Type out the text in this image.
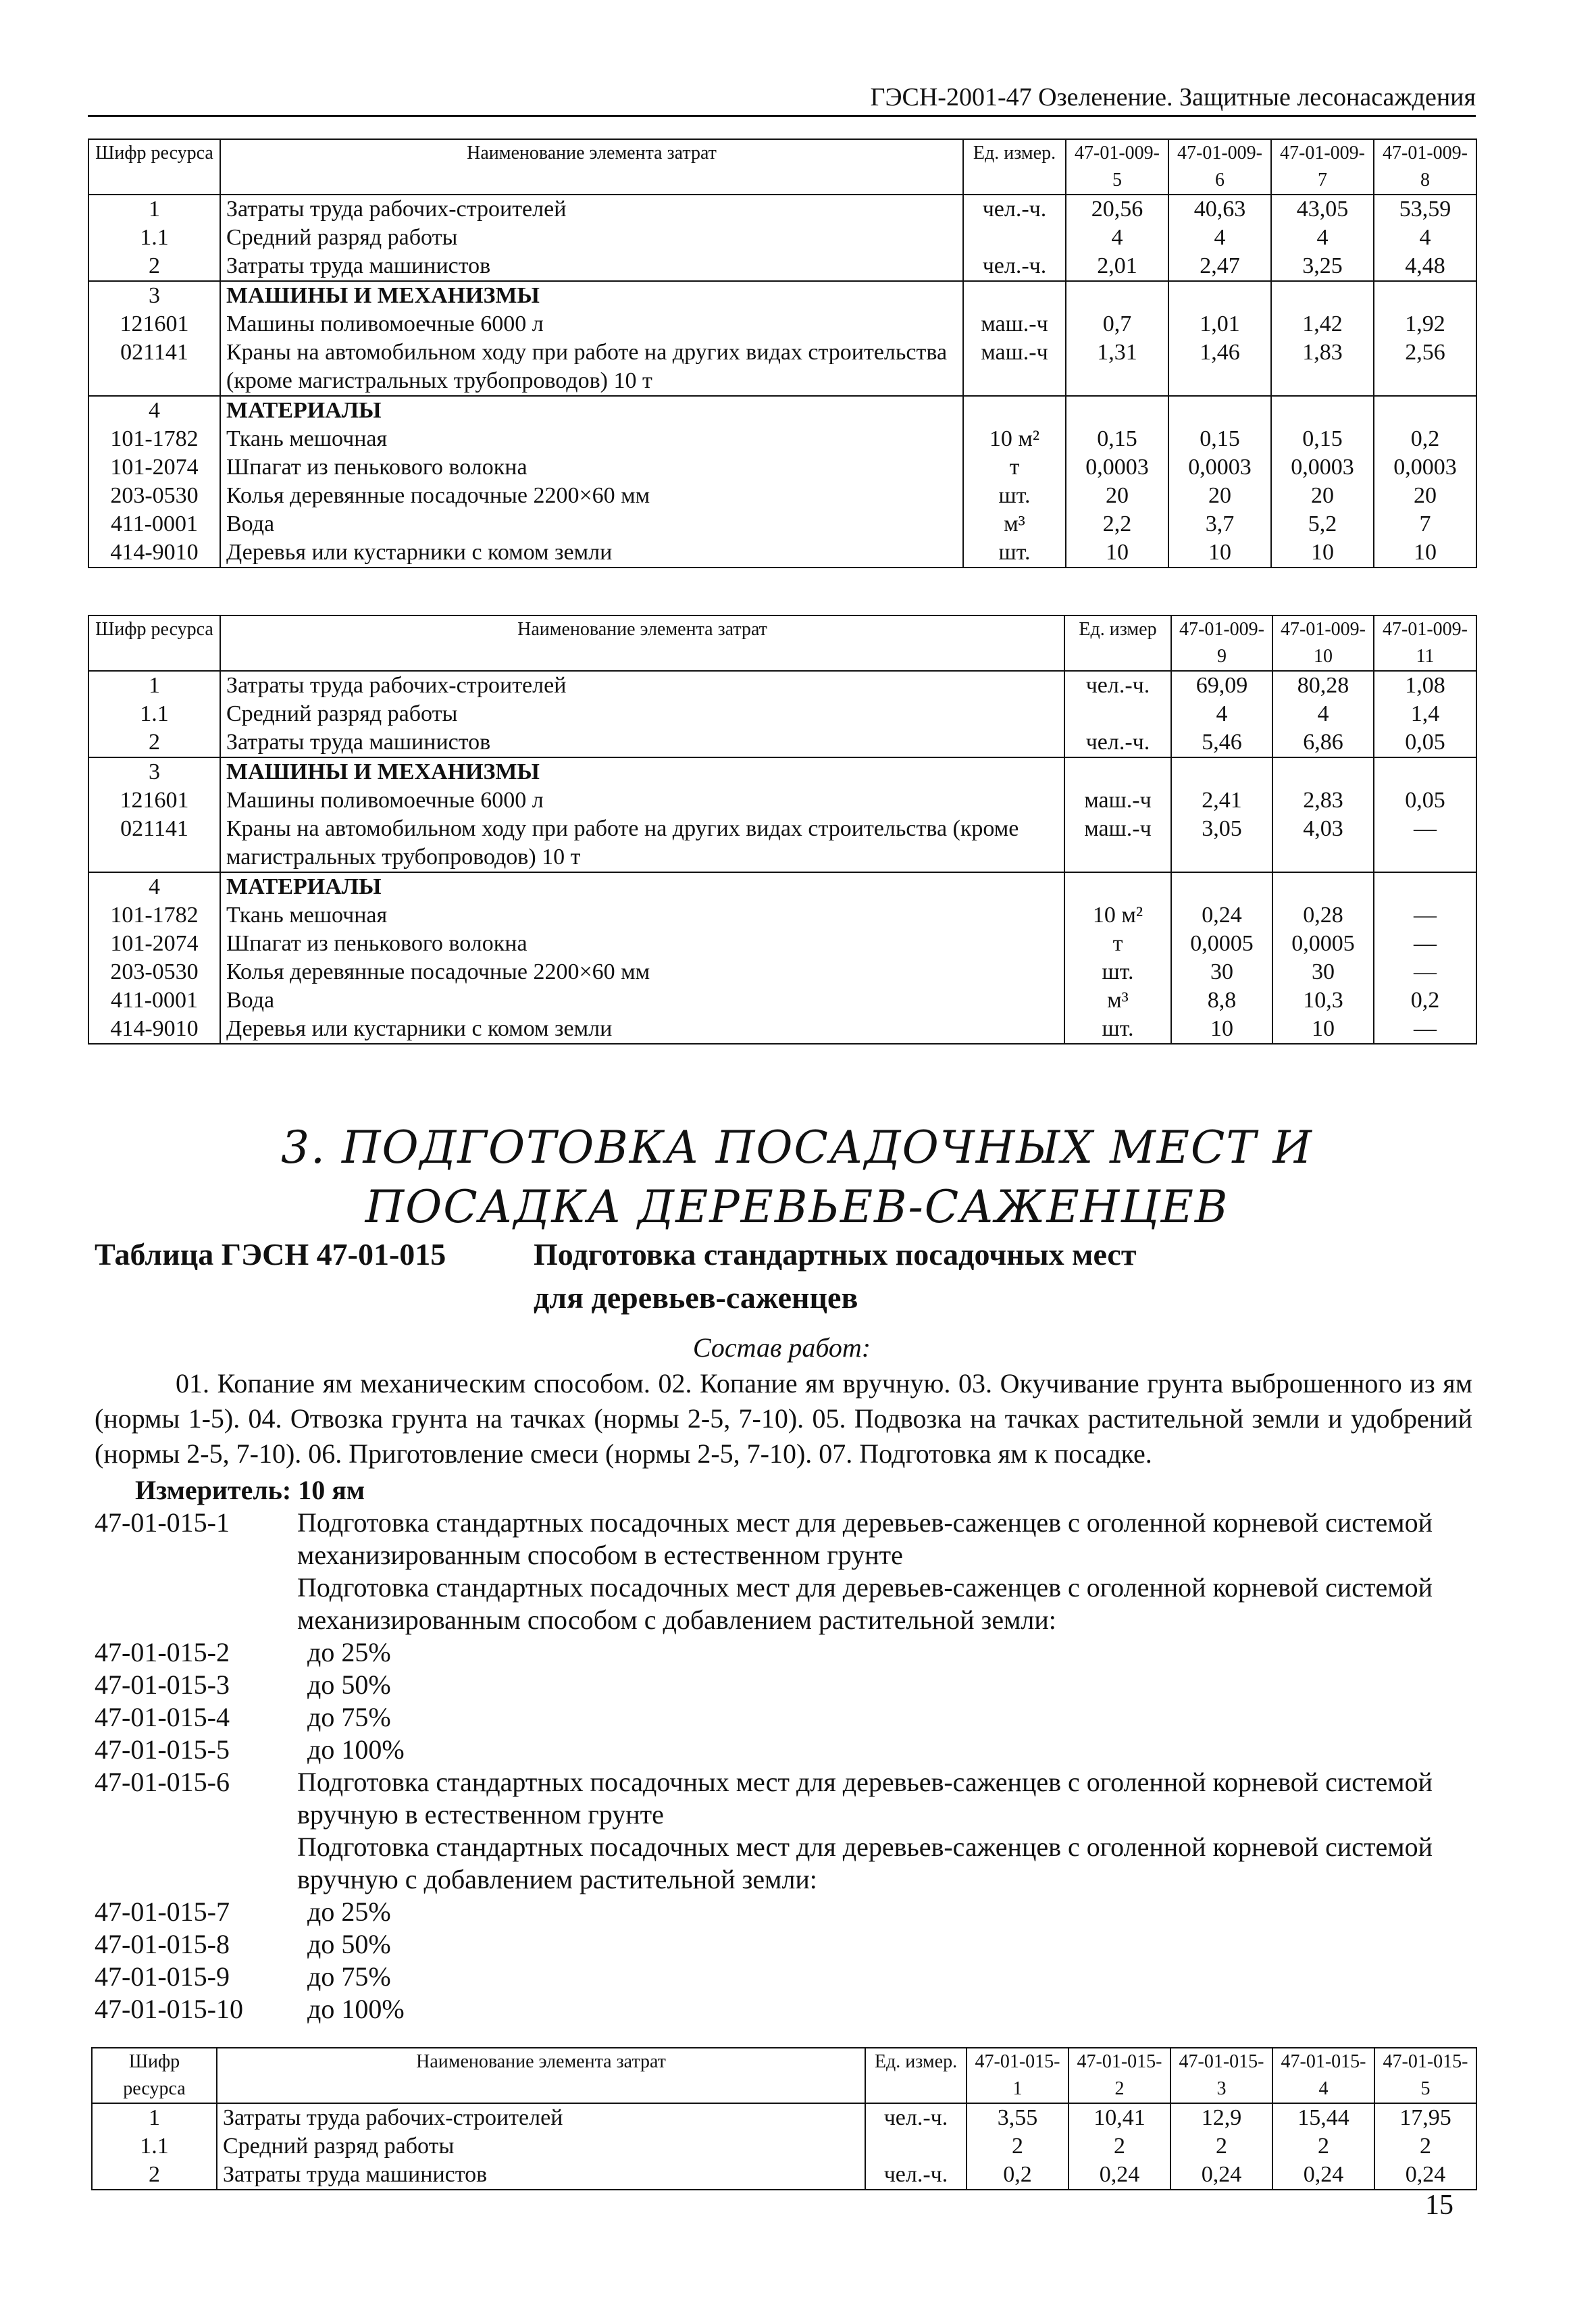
ГЭСН-2001-47 Озеленение. Защитные лесонасаждения
Шифр ресурса	Наименование элемента затрат	Ед. измер.	47-01-009-5	47-01-009-6	47-01-009-7	47-01-009-8
1	Затраты труда рабочих-строителей	чел.-ч.	20,56	40,63	43,05	53,59
1.1	Средний разряд работы		4	4	4	4
2	Затраты труда машинистов	чел.-ч.	2,01	2,47	3,25	4,48
3	МАШИНЫ И МЕХАНИЗМЫ					
121601	Машины поливомоечные 6000 л	маш.-ч	0,7	1,01	1,42	1,92
021141	Краны на автомобильном ходу при работе на других видах строительства (кроме магистральных трубопроводов) 10 т	маш.-ч	1,31	1,46	1,83	2,56
4	МАТЕРИАЛЫ					
101-1782	Ткань мешочная	10 м²	0,15	0,15	0,15	0,2
101-2074	Шпагат из пенькового волокна	т	0,0003	0,0003	0,0003	0,0003
203-0530	Колья деревянные посадочные 2200×60 мм	шт.	20	20	20	20
411-0001	Вода	м³	2,2	3,7	5,2	7
414-9010	Деревья или кустарники с комом земли	шт.	10	10	10	10
Шифр ресурса	Наименование элемента затрат	Ед. измер	47-01-009-9	47-01-009-10	47-01-009-11
1	Затраты труда рабочих-строителей	чел.-ч.	69,09	80,28	1,08
1.1	Средний разряд работы		4	4	1,4
2	Затраты труда машинистов	чел.-ч.	5,46	6,86	0,05
3	МАШИНЫ И МЕХАНИЗМЫ				
121601	Машины поливомоечные 6000 л	маш.-ч	2,41	2,83	0,05
021141	Краны на автомобильном ходу при работе на других видах строительства (кроме магистральных трубопроводов) 10 т	маш.-ч	3,05	4,03	—
4	МАТЕРИАЛЫ				
101-1782	Ткань мешочная	10 м²	0,24	0,28	—
101-2074	Шпагат из пенькового волокна	т	0,0005	0,0005	—
203-0530	Колья деревянные посадочные 2200×60 мм	шт.	30	30	—
411-0001	Вода	м³	8,8	10,3	0,2
414-9010	Деревья или кустарники с комом земли	шт.	10	10	—
3. ПОДГОТОВКА ПОСАДОЧНЫХ МЕСТ И
ПОСАДКА ДЕРЕВЬЕВ-САЖЕНЦЕВ
Таблица ГЭСН 47-01-015	Подготовка стандартных посадочных мест
для деревьев-саженцев
Состав работ:
01. Копание ям механическим способом. 02. Копание ям вручную. 03. Окучивание грунта выброшенного из ям (нормы 1-5). 04. Отвозка грунта на тачках (нормы 2-5, 7-10). 05. Подвозка на тачках растительной земли и удобрений (нормы 2-5, 7-10). 06. Приготовление смеси (нормы 2-5, 7-10). 07. Подготовка ям к посадке.
Измеритель: 10 ям
47-01-015-1	Подготовка стандартных посадочных мест для деревьев-саженцев с оголенной корневой системой механизированным способом в естественном грунте
Подготовка стандартных посадочных мест для деревьев-саженцев с оголенной корневой системой механизированным способом с добавлением растительной земли:
47-01-015-2	до 25%
47-01-015-3	до 50%
47-01-015-4	до 75%
47-01-015-5	до 100%
47-01-015-6	Подготовка стандартных посадочных мест для деревьев-саженцев с оголенной корневой системой вручную в естественном грунте
Подготовка стандартных посадочных мест для деревьев-саженцев с оголенной корневой системой вручную с добавлением растительной земли:
47-01-015-7	до 25%
47-01-015-8	до 50%
47-01-015-9	до 75%
47-01-015-10	до 100%
Шифр ресурса	Наименование элемента затрат	Ед. измер.	47-01-015-1	47-01-015-2	47-01-015-3	47-01-015-4	47-01-015-5
1	Затраты труда рабочих-строителей	чел.-ч.	3,55	10,41	12,9	15,44	17,95
1.1	Средний разряд работы		2	2	2	2	2
2	Затраты труда машинистов	чел.-ч.	0,2	0,24	0,24	0,24	0,24
15
